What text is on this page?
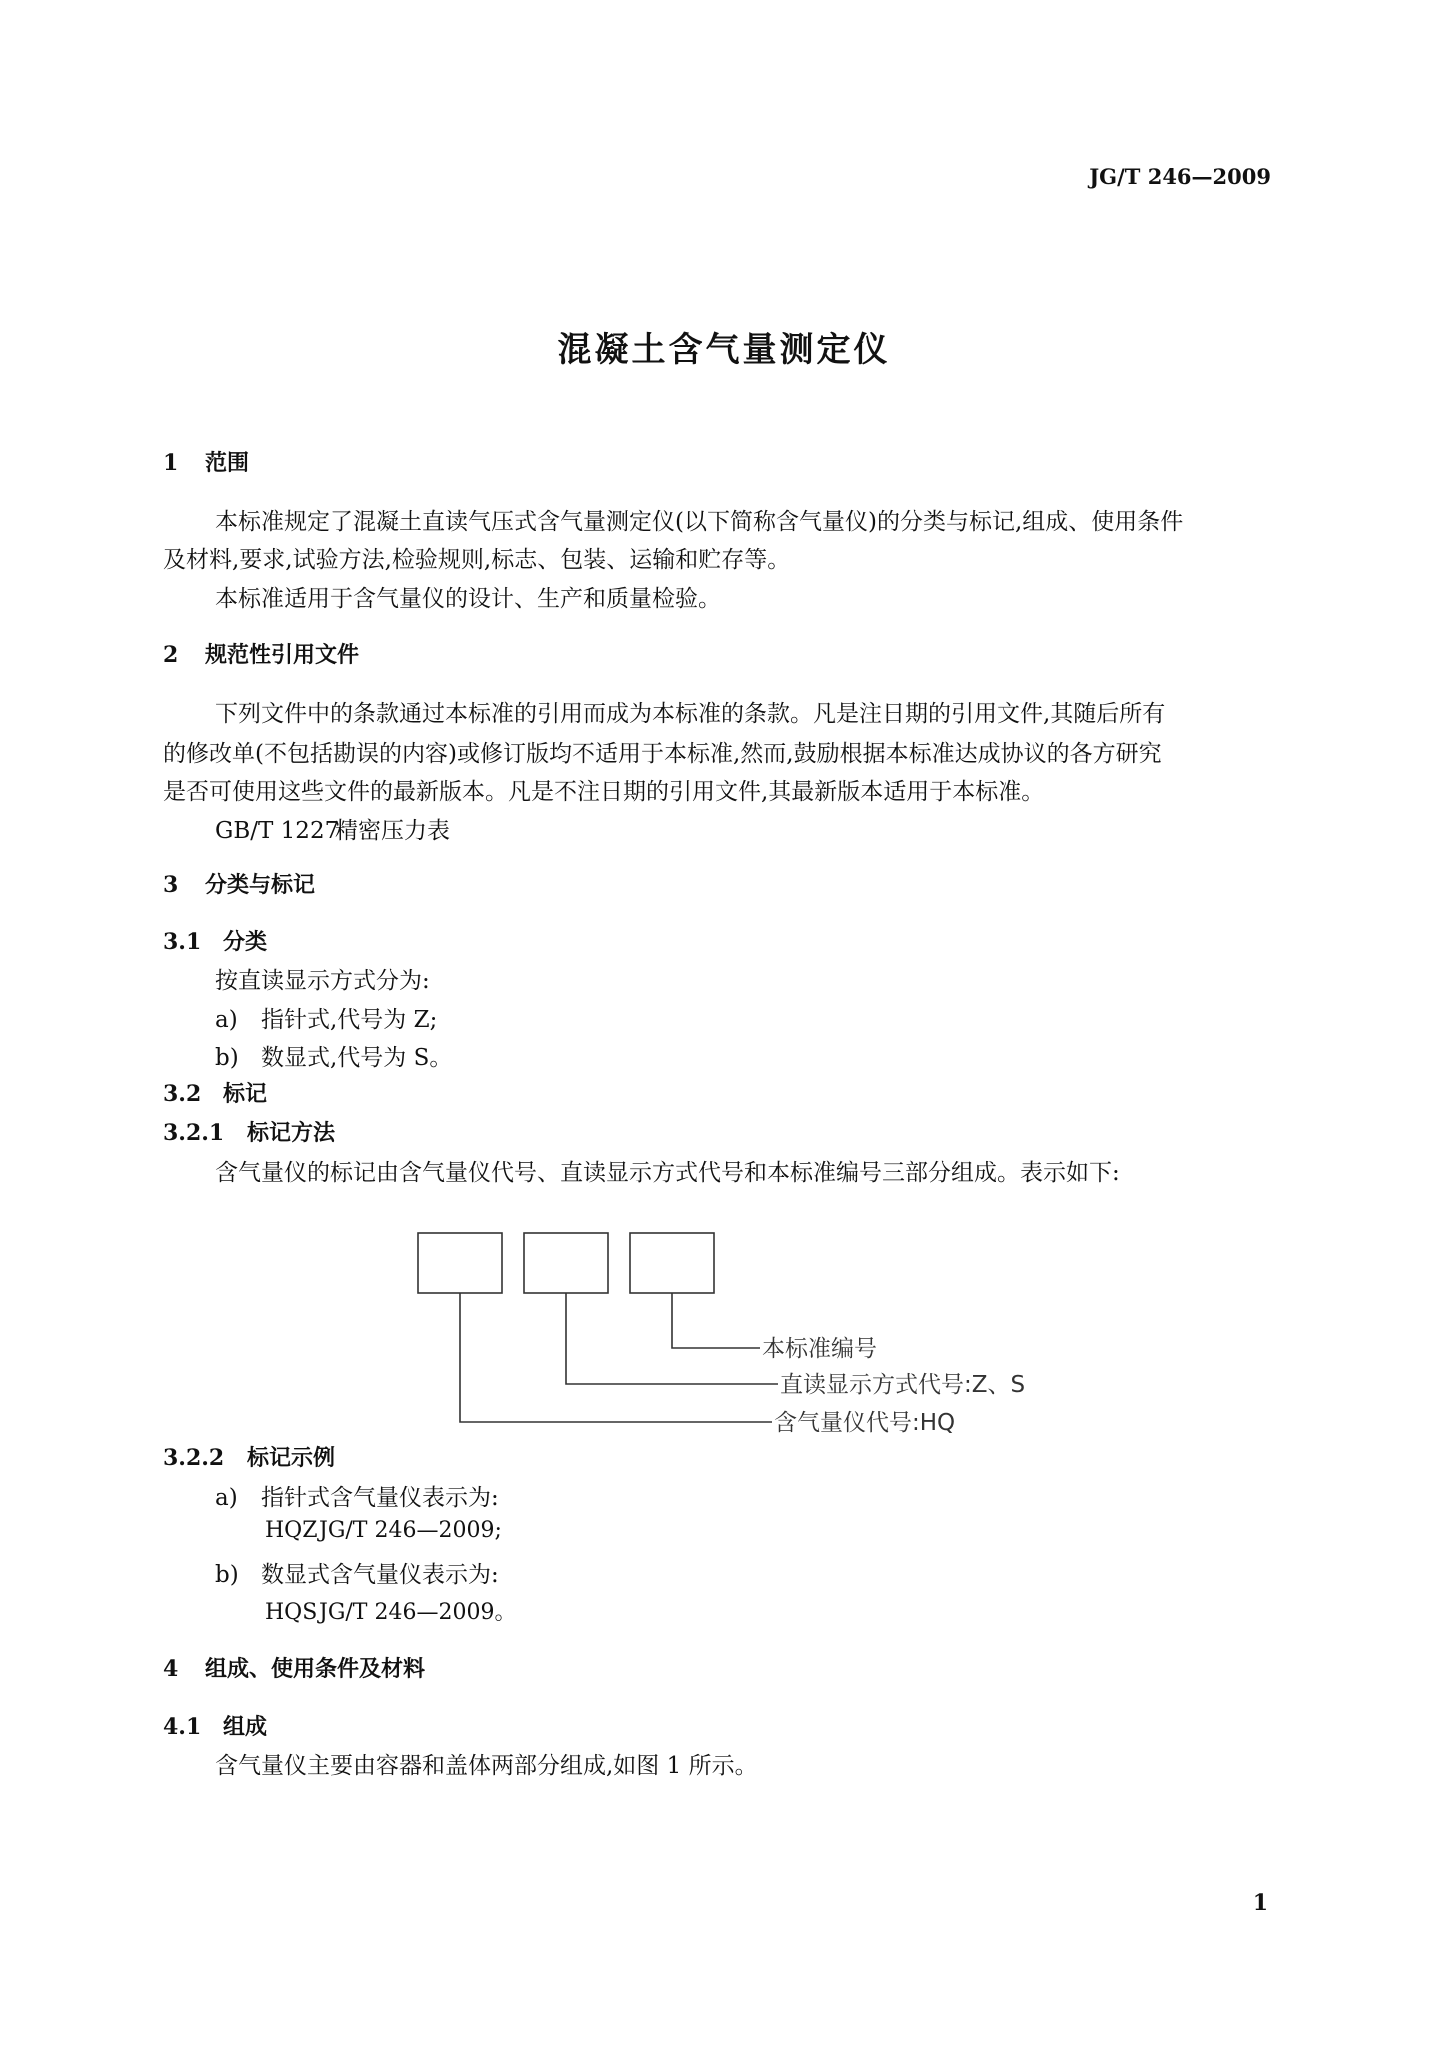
JG/T 246—2009
混凝土含气量测定仪
1 范围
本标准规定了混凝土直读气压式含气量测定仪(以下简称含气量仪)的分类与标记,组成、使用条件
及材料,要求,试验方法,检验规则,标志、包装、运输和贮存等。
本标准适用于含气量仪的设计、生产和质量检验。
2 规范性引用文件
下列文件中的条款通过本标准的引用而成为本标准的条款。凡是注日期的引用文件,其随后所有
的修改单(不包括勘误的内容)或修订版均不适用于本标准,然而,鼓励根据本标准达成协议的各方研究
是否可使用这些文件的最新版本。凡是不注日期的引用文件,其最新版本适用于本标准。
GB/T 1227精密压力表
3 分类与标记
3.1 分类
按直读显示方式分为:
a) 指针式,代号为 Z;
b) 数显式,代号为 S。
3.2 标记
3.2.1 标记方法
含气量仪的标记由含气量仪代号、直读显示方式代号和本标准编号三部分组成。表示如下:
本标准编号
直读显示方式代号:Z、S
含气量仪代号:HQ
3.2.2 标记示例
a) 指针式含气量仪表示为:
HQZJG/T 246—2009;
b) 数显式含气量仪表示为:
HQSJG/T 246—2009。
4 组成、使用条件及材料
4.1 组成
含气量仪主要由容器和盖体两部分组成,如图 1 所示。
1
